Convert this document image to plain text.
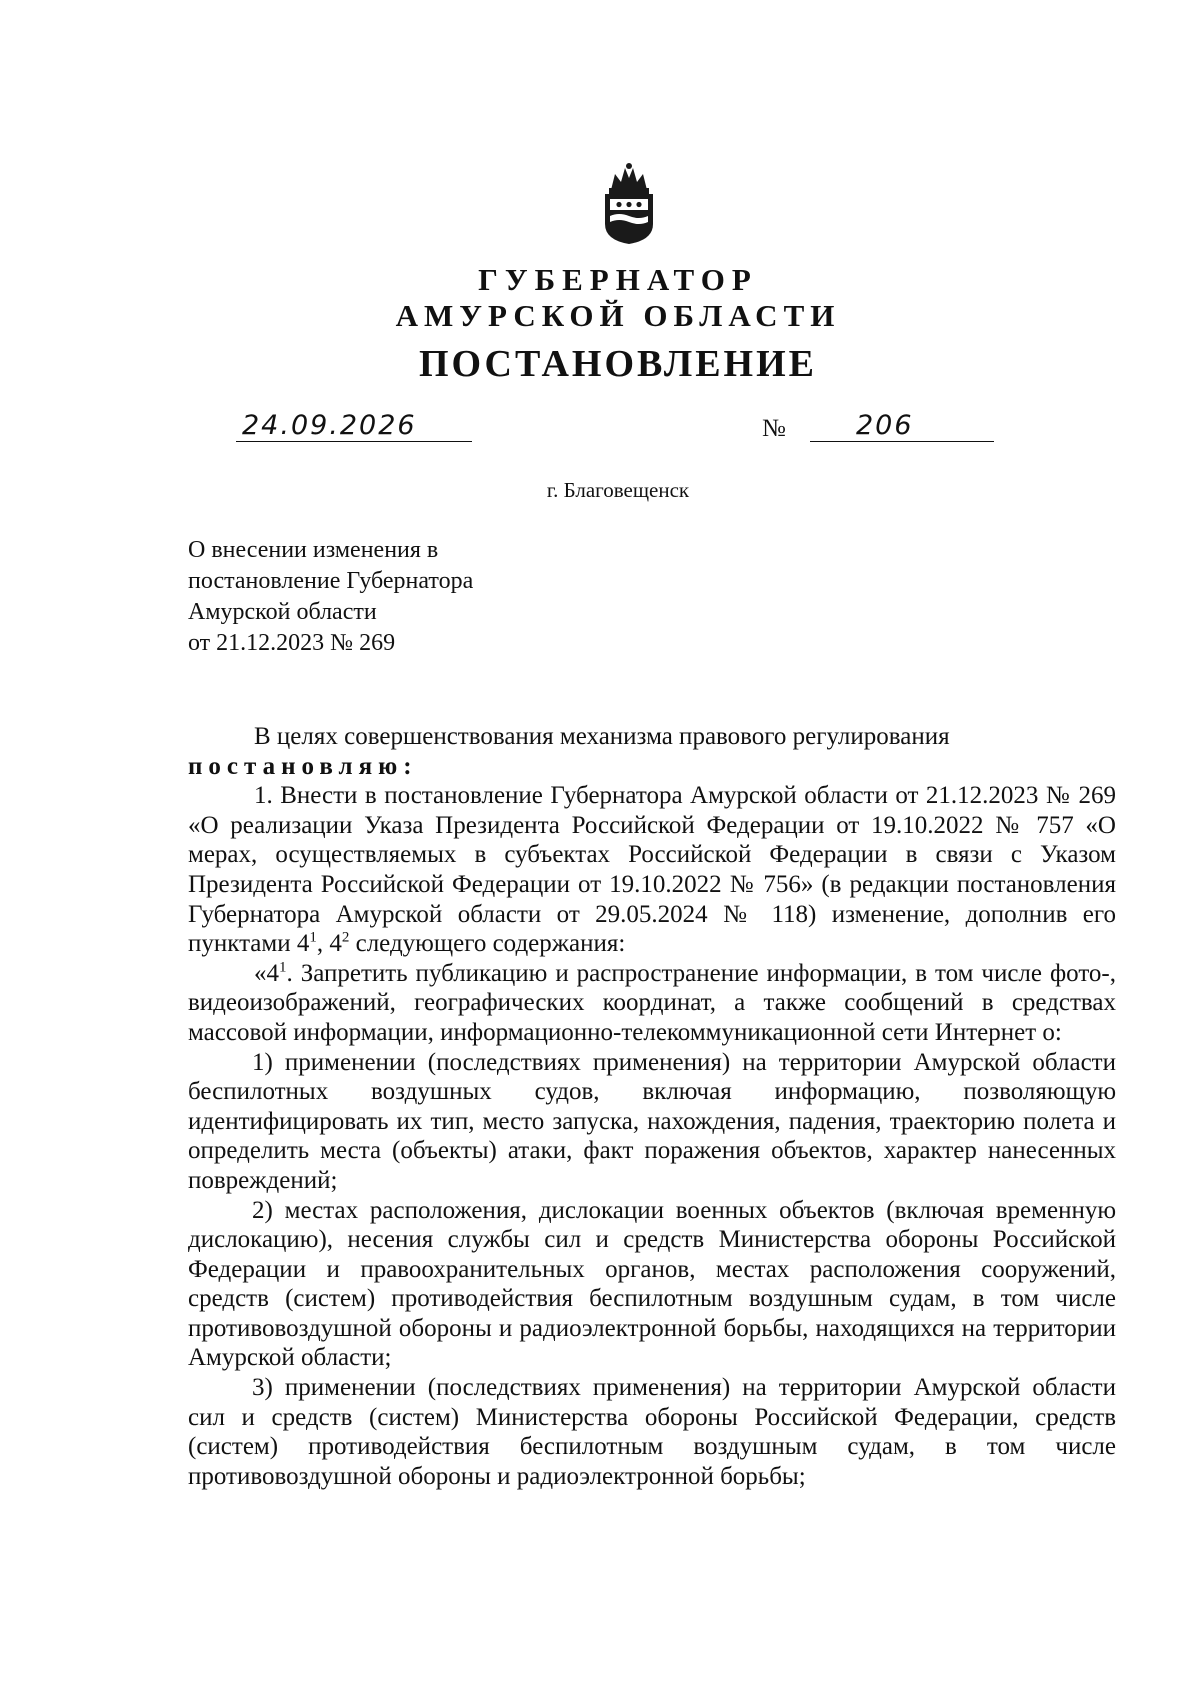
ГУБЕРНАТОР
АМУРСКОЙ ОБЛАСТИ
ПОСТАНОВЛЕНИЕ
24.09.2026	№	206
г. Благовещенск
О внесении изменения в
постановление Губернатора
Амурской области
от 21.12.2023 № 269

В целях совершенствования механизма правового регулирования

постановляю:

1. Внести в постановление Губернатора Амурской области от 21.12.2023 № 269 «О реализации Указа Президента Российской Федерации от 19.10.2022 № 757 «О мерах, осуществляемых в субъектах Российской Федерации в связи с Указом Президента Российской Федерации от 19.10.2022 № 756» (в редакции постановления Губернатора Амурской области от 29.05.2024 № 118) изменение, дополнив его пунктами $4^1$, $4^2$ следующего содержания:

«$4^1$. Запретить публикацию и распространение информации, в том числе фото-, видеоизображений, географических координат, а также сообщений в средствах массовой информации, информационно-телекоммуникационной сети Интернет о:

1) применении (последствиях применения) на территории Амурской области беспилотных воздушных судов, включая информацию, позволяющую идентифицировать их тип, место запуска, нахождения, падения, траекторию полета и определить места (объекты) атаки, факт поражения объектов, характер нанесенных повреждений;

2) местах расположения, дислокации военных объектов (включая временную дислокацию), несения службы сил и средств Министерства обороны Российской Федерации и правоохранительных органов, местах расположения сооружений, средств (систем) противодействия беспилотным воздушным судам, в том числе противовоздушной обороны и радиоэлектронной борьбы, находящихся на территории Амурской области;

3) применении (последствиях применения) на территории Амурской области сил и средств (систем) Министерства обороны Российской Федерации, средств (систем) противодействия беспилотным воздушным судам, в том числе противовоздушной обороны и радиоэлектронной борьбы;
